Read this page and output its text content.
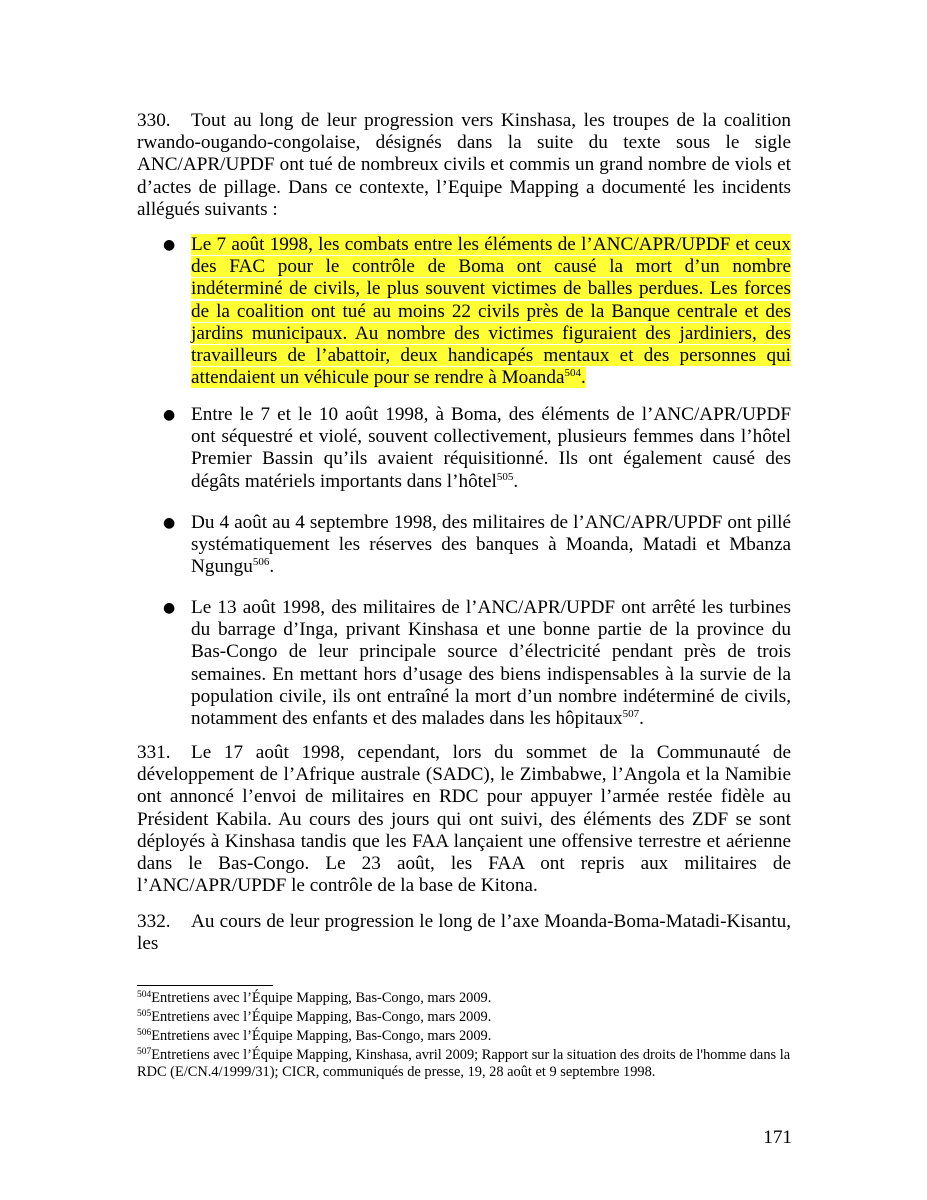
330. Tout au long de leur progression vers Kinshasa, les troupes de la coalition rwando-ougando-congolaise, désignés dans la suite du texte sous le sigle ANC/APR/UPDF ont tué de nombreux civils et commis un grand nombre de viols et d’actes de pillage. Dans ce contexte, l’Equipe Mapping a documenté les incidents allégués suivants :

● Le 7 août 1998, les combats entre les éléments de l’ANC/APR/UPDF et ceux des FAC pour le contrôle de Boma ont causé la mort d’un nombre indéterminé de civils, le plus souvent victimes de balles perdues. Les forces de la coalition ont tué au moins 22 civils près de la Banque centrale et des jardins municipaux. Au nombre des victimes figuraient des jardiniers, des travailleurs de l’abattoir, deux handicapés mentaux et des personnes qui attendaient un véhicule pour se rendre à Moanda$^{504}$.

● Entre le 7 et le 10 août 1998, à Boma, des éléments de l’ANC/APR/UPDF ont séquestré et violé, souvent collectivement, plusieurs femmes dans l’hôtel Premier Bassin qu’ils avaient réquisitionné. Ils ont également causé des dégâts matériels importants dans l’hôtel$^{505}$.

● Du 4 août au 4 septembre 1998, des militaires de l’ANC/APR/UPDF ont pillé systématiquement les réserves des banques à Moanda, Matadi et Mbanza Ngungu$^{506}$.

● Le 13 août 1998, des militaires de l’ANC/APR/UPDF ont arrêté les turbines du barrage d’Inga, privant Kinshasa et une bonne partie de la province du Bas-Congo de leur principale source d’électricité pendant près de trois semaines. En mettant hors d’usage des biens indispensables à la survie de la population civile, ils ont entraîné la mort d’un nombre indéterminé de civils, notamment des enfants et des malades dans les hôpitaux$^{507}$.

331. Le 17 août 1998, cependant, lors du sommet de la Communauté de développement de l’Afrique australe (SADC), le Zimbabwe, l’Angola et la Namibie ont annoncé l’envoi de militaires en RDC pour appuyer l’armée restée fidèle au Président Kabila. Au cours des jours qui ont suivi, des éléments des ZDF se sont déployés à Kinshasa tandis que les FAA lançaient une offensive terrestre et aérienne dans le Bas-Congo. Le 23 août, les FAA ont repris aux militaires de l’ANC/APR/UPDF le contrôle de la base de Kitona.

332. Au cours de leur progression le long de l’axe Moanda-Boma-Matadi-Kisantu, les

$^{504}$Entretiens avec l’Équipe Mapping, Bas-Congo, mars 2009.

$^{505}$Entretiens avec l’Équipe Mapping, Bas-Congo, mars 2009.

$^{506}$Entretiens avec l’Équipe Mapping, Bas-Congo, mars 2009.

$^{507}$Entretiens avec l’Équipe Mapping, Kinshasa, avril 2009; Rapport sur la situation des droits de l'homme dans la RDC (E/CN.4/1999/31); CICR, communiqués de presse, 19, 28 août et 9 septembre 1998.

171
